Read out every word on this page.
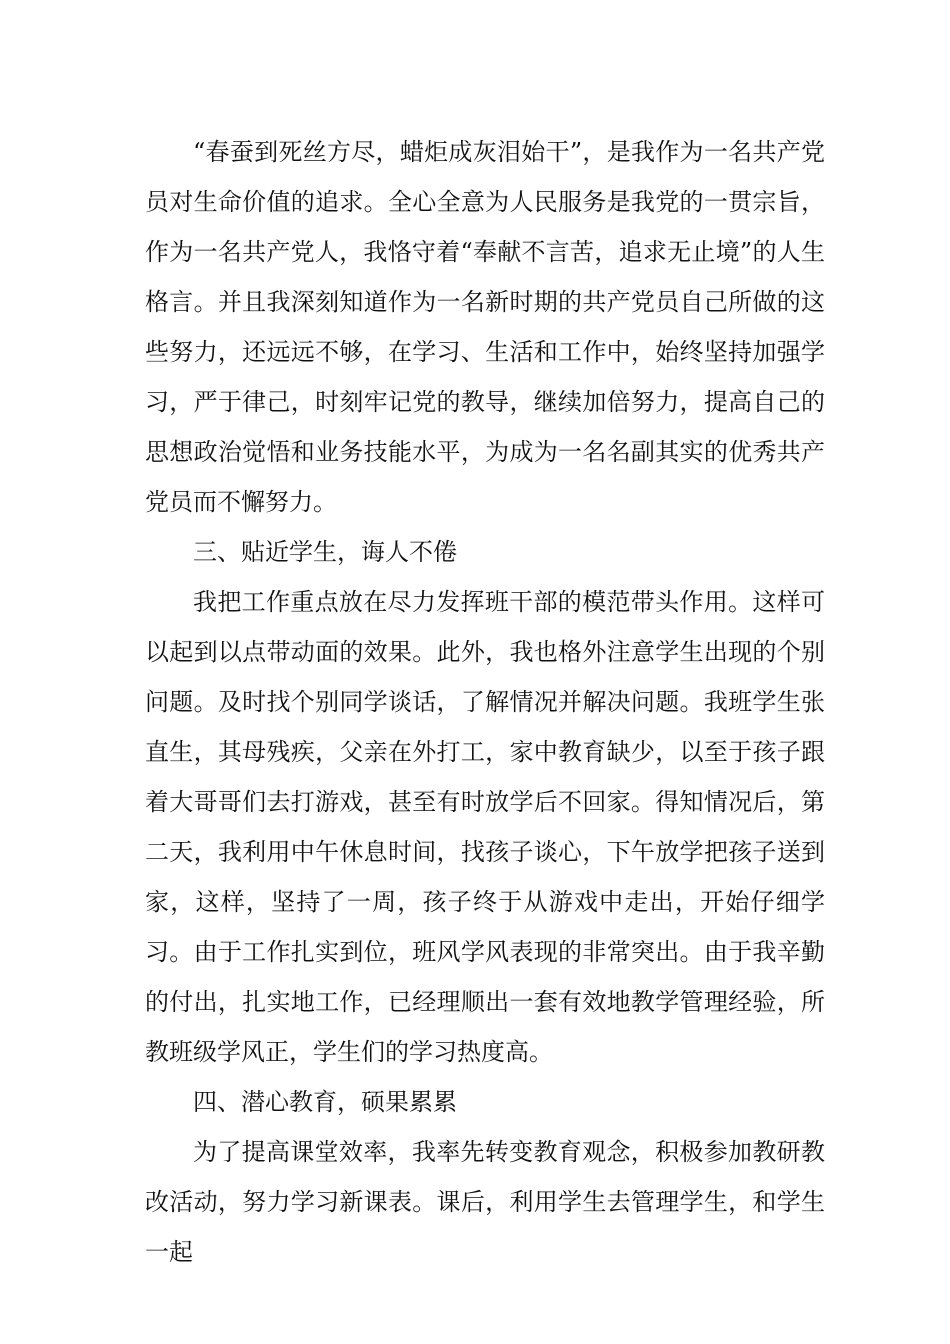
“春蚕到死丝方尽，蜡炬成灰泪始干”，是我作为一名共产党员对生命价值的追求。全心全意为人民服务是我党的一贯宗旨，作为一名共产党人，我恪守着“奉献不言苦，追求无止境”的人生格言。并且我深刻知道作为一名新时期的共产党员自己所做的这些努力，还远远不够，在学习、生活和工作中，始终坚持加强学习，严于律己，时刻牢记党的教导，继续加倍努力，提高自己的思想政治觉悟和业务技能水平，为成为一名名副其实的优秀共产党员而不懈努力。

三、贴近学生，诲人不倦

我把工作重点放在尽力发挥班干部的模范带头作用。这样可以起到以点带动面的效果。此外，我也格外注意学生出现的个别问题。及时找个别同学谈话，了解情况并解决问题。我班学生张直生，其母残疾，父亲在外打工，家中教育缺少，以至于孩子跟着大哥哥们去打游戏，甚至有时放学后不回家。得知情况后，第二天，我利用中午休息时间，找孩子谈心，下午放学把孩子送到家，这样，坚持了一周，孩子终于从游戏中走出，开始仔细学习。由于工作扎实到位，班风学风表现的非常突出。由于我辛勤的付出，扎实地工作，已经理顺出一套有效地教学管理经验，所教班级学风正，学生们的学习热度高。

四、潜心教育，硕果累累

为了提高课堂效率，我率先转变教育观念，积极参加教研教改活动，努力学习新课表。课后，利用学生去管理学生，和学生一起
